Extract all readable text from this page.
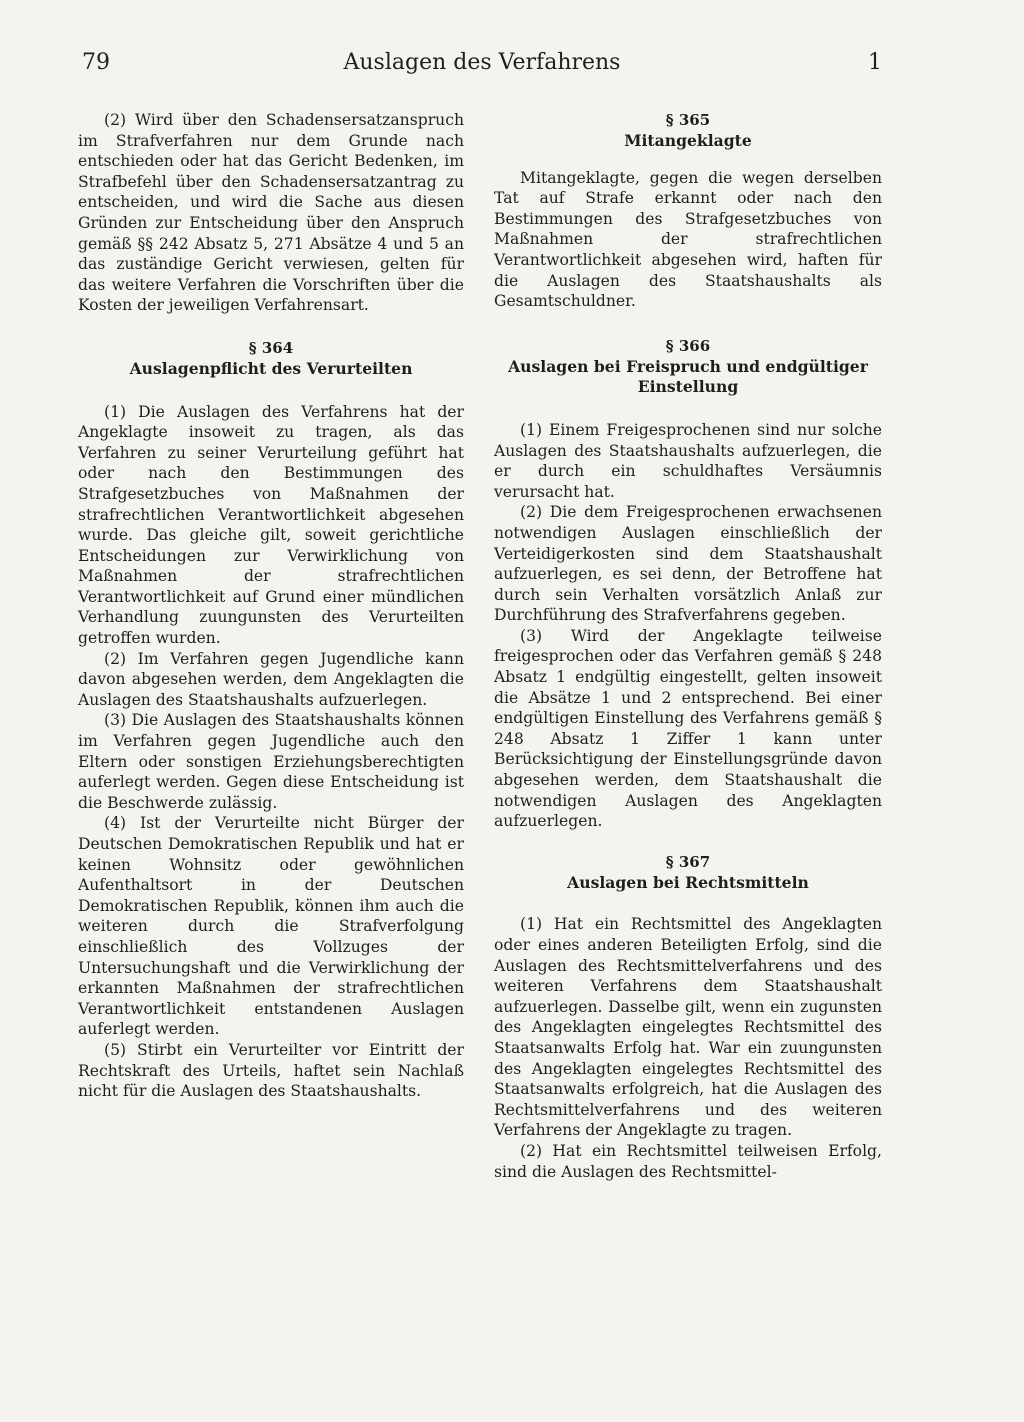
79	Auslagen des Verfahrens	1

(2) Wird über den Schadensersatzanspruch im Strafverfahren nur dem Grunde nach entschieden oder hat das Gericht Bedenken, im Strafbefehl über den Schadensersatzantrag zu entscheiden, und wird die Sache aus diesen Gründen zur Entscheidung über den Anspruch gemäß §§ 242 Absatz 5, 271 Absätze 4 und 5 an das zuständige Gericht verwiesen, gelten für das weitere Verfahren die Vorschriften über die Kosten der jeweiligen Verfahrensart.

§ 364
Auslagenpflicht des Verurteilten

(1) Die Auslagen des Verfahrens hat der Angeklagte insoweit zu tragen, als das Verfahren zu seiner Verurteilung geführt hat oder nach den Bestimmungen des Strafgesetzbuches von Maßnahmen der strafrechtlichen Verantwortlichkeit abgesehen wurde. Das gleiche gilt, soweit gerichtliche Entscheidungen zur Verwirklichung von Maßnahmen der strafrechtlichen Verantwortlichkeit auf Grund einer mündlichen Verhandlung zuungunsten des Verurteilten getroffen wurden.

(2) Im Verfahren gegen Jugendliche kann davon abgesehen werden, dem Angeklagten die Auslagen des Staatshaushalts aufzuerlegen.

(3) Die Auslagen des Staatshaushalts können im Verfahren gegen Jugendliche auch den Eltern oder sonstigen Erziehungsberechtigten auferlegt werden. Gegen diese Entscheidung ist die Beschwerde zulässig.

(4) Ist der Verurteilte nicht Bürger der Deutschen Demokratischen Republik und hat er keinen Wohnsitz oder gewöhnlichen Aufenthaltsort in der Deutschen Demokratischen Republik, können ihm auch die weiteren durch die Strafverfolgung einschließlich des Vollzuges der Untersuchungshaft und die Verwirklichung der erkannten Maßnahmen der strafrechtlichen Verantwortlichkeit entstandenen Auslagen auferlegt werden.

(5) Stirbt ein Verurteilter vor Eintritt der Rechtskraft des Urteils, haftet sein Nachlaß nicht für die Auslagen des Staatshaushalts.

§ 365
Mitangeklagte

Mitangeklagte, gegen die wegen derselben Tat auf Strafe erkannt oder nach den Bestimmungen des Strafgesetzbuches von Maßnahmen der strafrechtlichen Verantwortlichkeit abgesehen wird, haften für die Auslagen des Staatshaushalts als Gesamtschuldner.

§ 366
Auslagen bei Freispruch und endgültiger Einstellung

(1) Einem Freigesprochenen sind nur solche Auslagen des Staatshaushalts aufzuerlegen, die er durch ein schuldhaftes Versäumnis verursacht hat.

(2) Die dem Freigesprochenen erwachsenen notwendigen Auslagen einschließlich der Verteidigerkosten sind dem Staatshaushalt aufzuerlegen, es sei denn, der Betroffene hat durch sein Verhalten vorsätzlich Anlaß zur Durchführung des Strafverfahrens gegeben.

(3) Wird der Angeklagte teilweise freigesprochen oder das Verfahren gemäß § 248 Absatz 1 endgültig eingestellt, gelten insoweit die Absätze 1 und 2 entsprechend. Bei einer endgültigen Einstellung des Verfahrens gemäß § 248 Absatz 1 Ziffer 1 kann unter Berücksichtigung der Einstellungsgründe davon abgesehen werden, dem Staatshaushalt die notwendigen Auslagen des Angeklagten aufzuerlegen.

§ 367
Auslagen bei Rechtsmitteln

(1) Hat ein Rechtsmittel des Angeklagten oder eines anderen Beteiligten Erfolg, sind die Auslagen des Rechtsmittelverfahrens und des weiteren Verfahrens dem Staatshaushalt aufzuerlegen. Dasselbe gilt, wenn ein zugunsten des Angeklagten eingelegtes Rechtsmittel des Staatsanwalts Erfolg hat. War ein zuungunsten des Angeklagten eingelegtes Rechtsmittel des Staatsanwalts erfolgreich, hat die Auslagen des Rechtsmittelverfahrens und des weiteren Verfahrens der Angeklagte zu tragen.

(2) Hat ein Rechtsmittel teilweisen Erfolg, sind die Auslagen des Rechtsmittel-
